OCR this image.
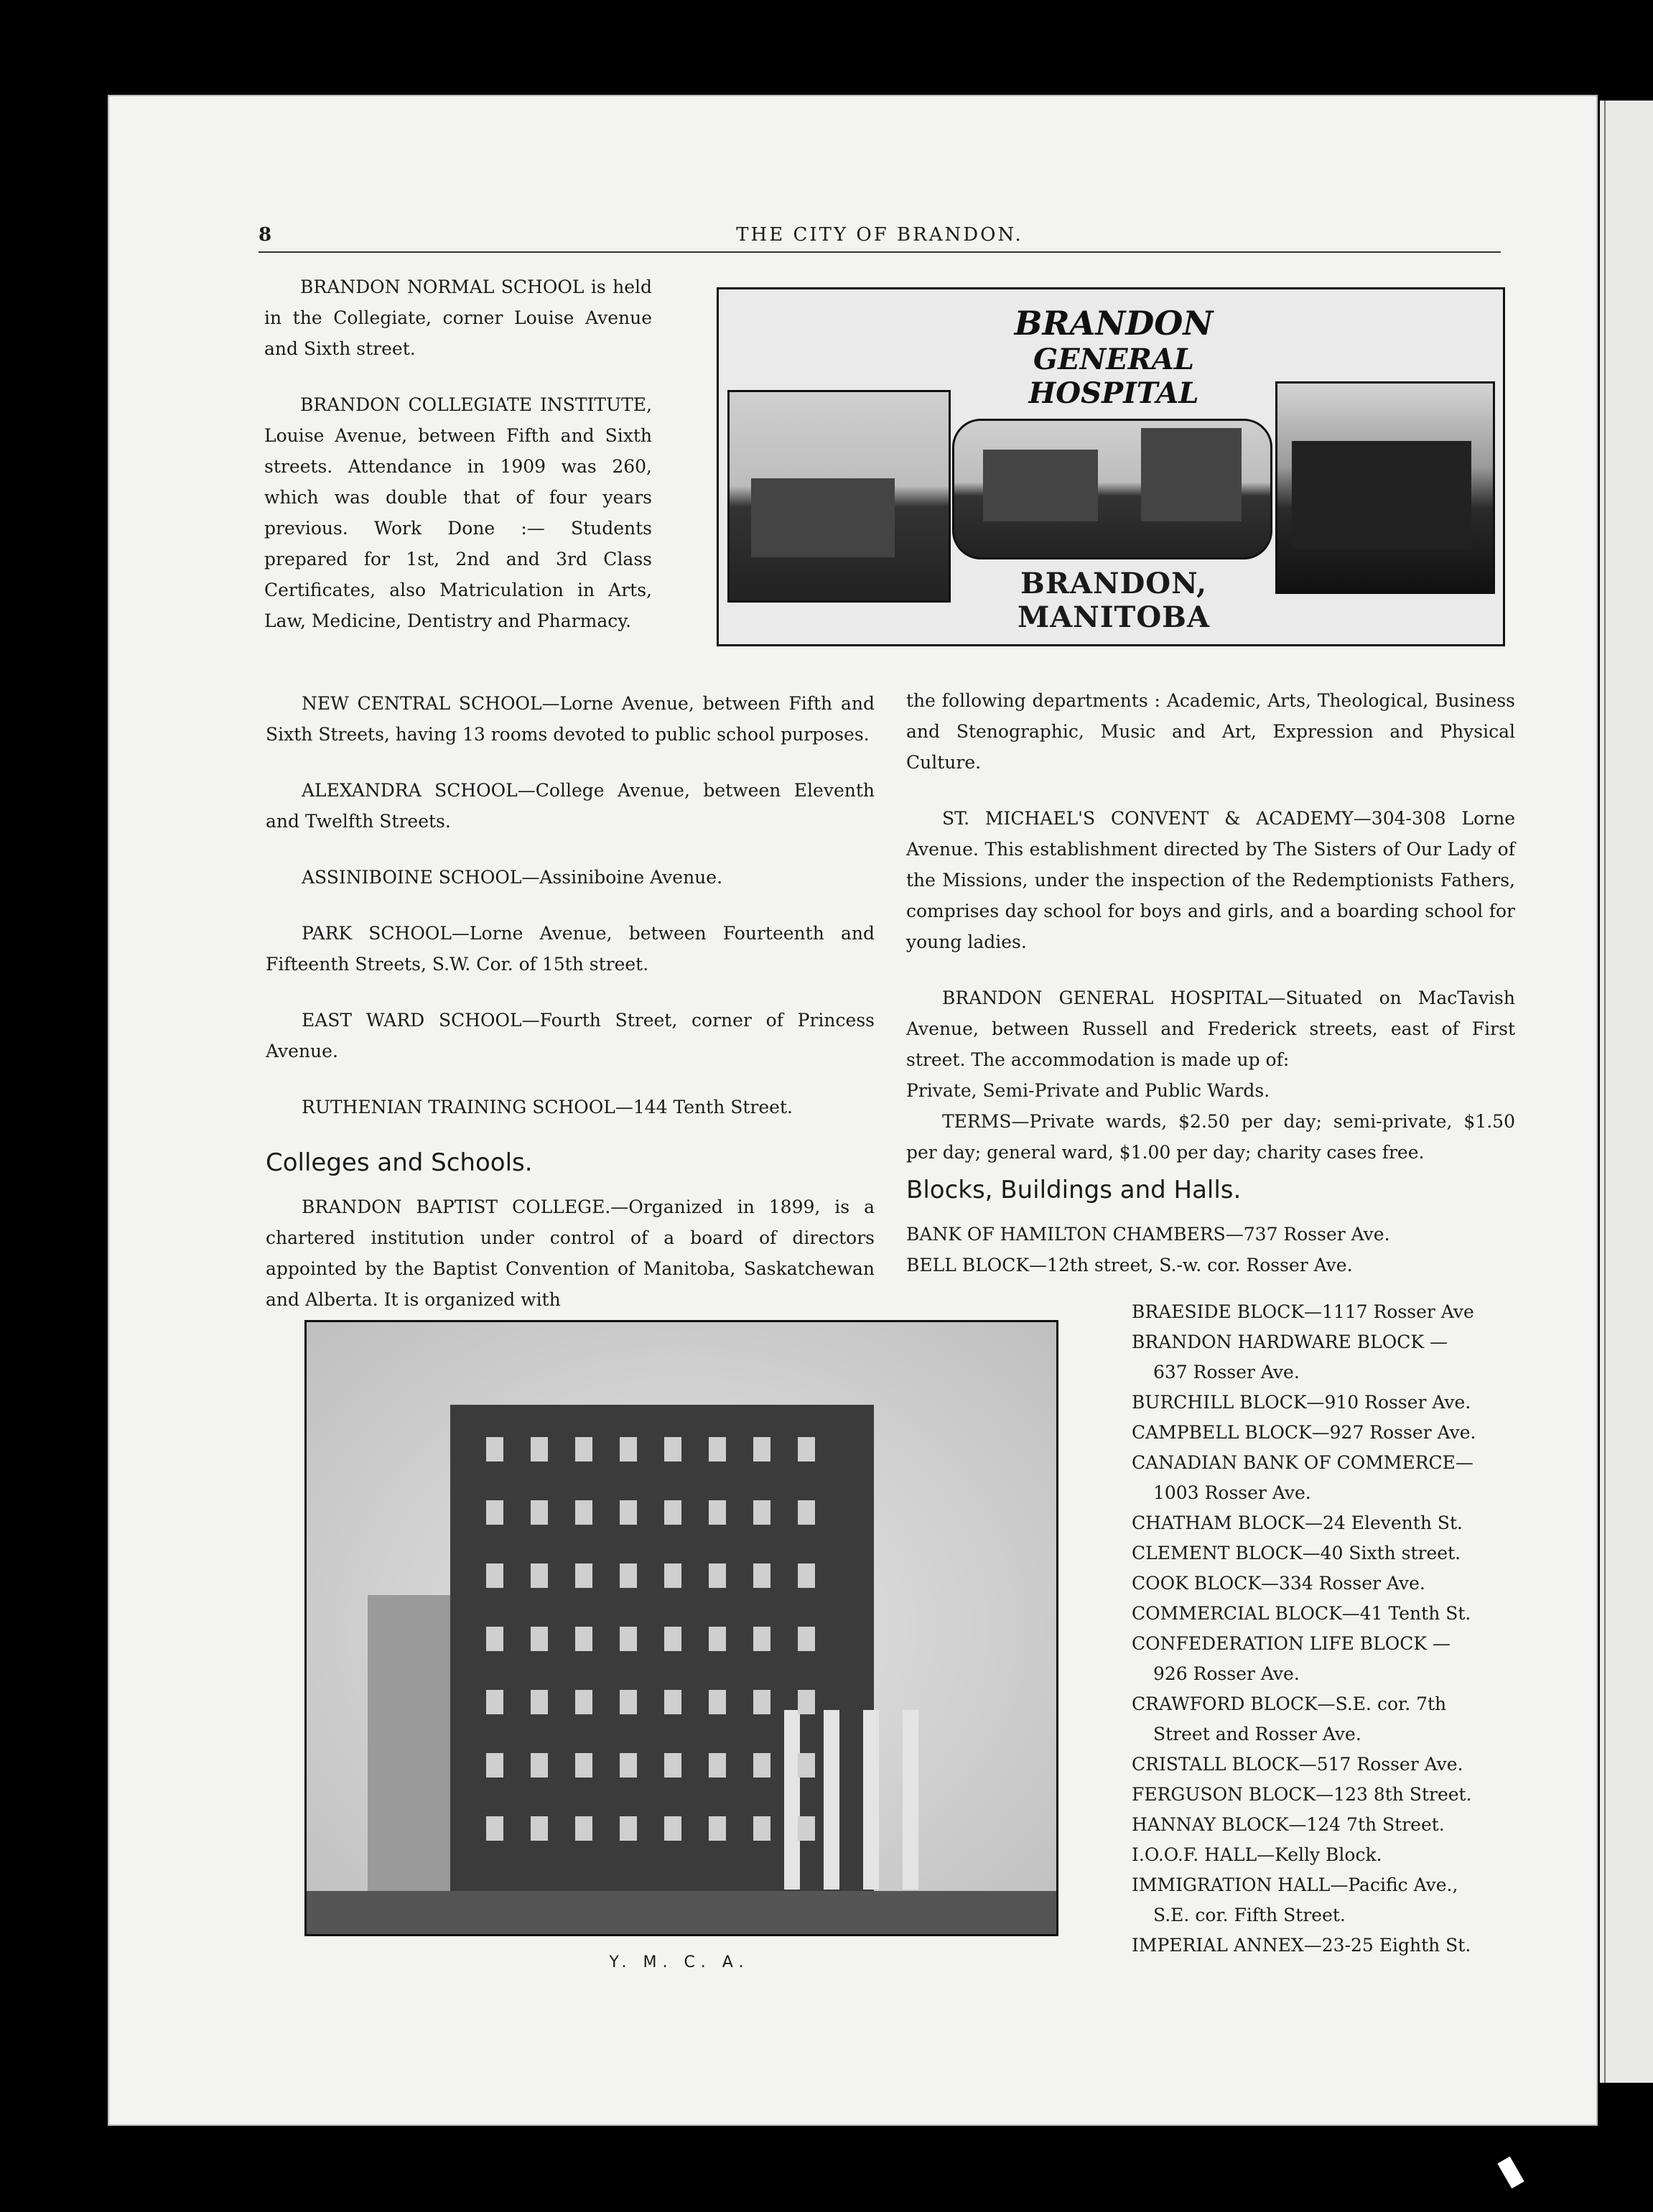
8	THE CITY OF BRANDON.

BRANDON NORMAL SCHOOL is held in the Collegiate, corner Louise Avenue and Sixth street.

BRANDON COLLEGIATE INSTITUTE, Louise Avenue, between Fifth and Sixth streets. Attendance in 1909 was 260, which was double that of four years previous. Work Done :— Students prepared for 1st, 2nd and 3rd Class Certificates, also Matriculation in Arts, Law, Medicine, Dentistry and Pharmacy.

BRANDON
GENERAL HOSPITAL
BRANDON, MANITOBA

NEW CENTRAL SCHOOL—Lorne Avenue, between Fifth and Sixth Streets, having 13 rooms devoted to public school purposes.

ALEXANDRA SCHOOL—College Avenue, between Eleventh and Twelfth Streets.

ASSINIBOINE SCHOOL—Assiniboine Avenue.

PARK SCHOOL—Lorne Avenue, between Fourteenth and Fifteenth Streets, S.W. Cor. of 15th street.

EAST WARD SCHOOL—Fourth Street, corner of Princess Avenue.

RUTHENIAN TRAINING SCHOOL—144 Tenth Street.

Colleges and Schools.

BRANDON BAPTIST COLLEGE.—Organized in 1899, is a chartered institution under control of a board of directors appointed by the Baptist Convention of Manitoba, Saskatchewan and Alberta. It is organized with

the following departments : Academic, Arts, Theological, Business and Stenographic, Music and Art, Expression and Physical Culture.

ST. MICHAEL'S CONVENT & ACADEMY—304-308 Lorne Avenue. This establishment directed by The Sisters of Our Lady of the Missions, under the inspection of the Redemptionists Fathers, comprises day school for boys and girls, and a boarding school for young ladies.

BRANDON GENERAL HOSPITAL—Situated on MacTavish Avenue, between Russell and Frederick streets, east of First street. The accommodation is made up of:

Private, Semi-Private and Public Wards.

TERMS—Private wards, $2.50 per day; semi-private, $1.50 per day; general ward, $1.00 per day; charity cases free.

Blocks, Buildings and Halls.
BANK OF HAMILTON CHAMBERS—737 Rosser Ave.
BELL BLOCK—12th street, S.-w. cor. Rosser Ave.
BRAESIDE BLOCK—1117 Rosser Ave
BRANDON HARDWARE BLOCK —
637 Rosser Ave.
BURCHILL BLOCK—910 Rosser Ave.
CAMPBELL BLOCK—927 Rosser Ave.
CANADIAN BANK OF COMMERCE—
1003 Rosser Ave.
CHATHAM BLOCK—24 Eleventh St.
CLEMENT BLOCK—40 Sixth street.
COOK BLOCK—334 Rosser Ave.
COMMERCIAL BLOCK—41 Tenth St.
CONFEDERATION LIFE BLOCK —
926 Rosser Ave.
CRAWFORD BLOCK—S.E. cor. 7th
Street and Rosser Ave.
CRISTALL BLOCK—517 Rosser Ave.
FERGUSON BLOCK—123 8th Street.
HANNAY BLOCK—124 7th Street.
I.O.O.F. HALL—Kelly Block.
IMMIGRATION HALL—Pacific Ave.,
S.E. cor. Fifth Street.
IMPERIAL ANNEX—23-25 Eighth St.
Y. M. C. A.
